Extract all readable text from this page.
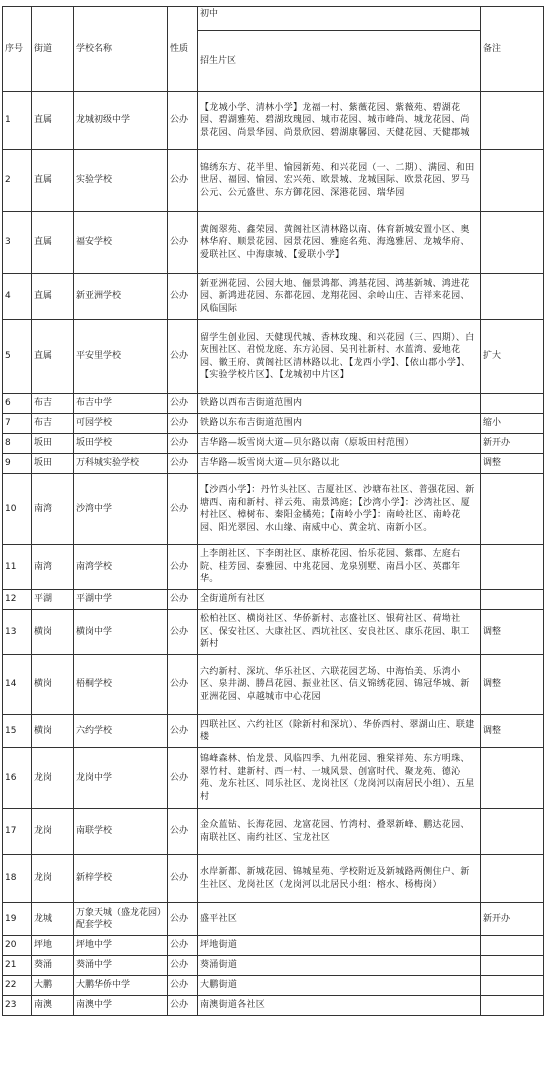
序号	街道	学校名称	性质	初中	备注
				招生片区	
1	直属	龙城初级中学	公办	【龙城小学、清林小学】龙福一村、紫薇花园、紫薇苑、碧湖花园、碧湖雅苑、碧湖玫瑰园、城市花园、城市峰尚、城龙花园、尚景花园、尚景华园、尚景欣园、碧湖康馨园、天健花园、天健郡城	
2	直属	实验学校	公办	锦绣东方、花半里、愉园新苑、和兴花园（一、二期）、满园、和田世居、福园、愉园、宏兴苑、欧景城、龙城国际、欧景花园、罗马公元、公元盛世、东方御花园、深港花园、瑞华园	
3	直属	福安学校	公办	黄阁翠苑、鑫荣园、黄阁社区清林路以南、体育新城安置小区、奥林华府、顺景花园、园景花园、雅庭名苑、海逸雅居、龙城华府、爱联社区、中海康城、【爱联小学】	
4	直属	新亚洲学校	公办	新亚洲花园、公园大地、俪景鸿都、鸿基花园、鸿基新城、鸿进花园、新鸿进花园、东都花园、龙翔花园、余岭山庄、吉祥来花园、风临国际	
5	直属	平安里学校	公办	留学生创业园、天健现代城、香林玫瑰、和兴花园（三、四期）、白灰围社区、君悦龙庭、东方沁园、吴刊社新村、水蓝湾、爱地花园、徽王府、黄阁社区清林路以北、【龙西小学】、【依山郡小学】、【实验学校片区】、【龙城初中片区】	扩大
6	布吉	布吉中学	公办	铁路以西布吉街道范围内	
7	布吉	可园学校	公办	铁路以东布吉街道范围内	缩小
8	坂田	坂田学校	公办	吉华路—坂雪岗大道—贝尔路以南（原坂田村范围）	新开办
9	坂田	万科城实验学校	公办	吉华路—坂雪岗大道—贝尔路以北	调整
10	南湾	沙湾中学	公办	【沙西小学】：丹竹头社区、吉厦社区、沙塘布社区、普强花园、新塘西、南和新村、祥云苑、南景鸿庭；【沙湾小学】：沙湾社区、厦村社区、樟树布、秦阳金橘苑；【南岭小学】：南岭社区、南岭花园、阳光翠园、水山缘、南威中心、黄金坑、南新小区。	
11	南湾	南湾学校	公办	上李朗社区、下李朗社区、康桥花园、怡乐花园、紫郡、左庭右院、桂芳园、泰雅园、中兆花园、龙泉别墅、南昌小区、英郡年华。	
12	平湖	平湖中学	公办	全街道所有社区	
13	横岗	横岗中学	公办	松柏社区、横岗社区、华侨新村、志盛社区、银荷社区、荷坳社区、保安社区、大康社区、西坑社区、安良社区、康乐花园、职工新村	调整
14	横岗	梧桐学校	公办	六约新村、深坑、华乐社区、六联花园艺场、中海怡美、乐湾小区、泉井湖、勝昌花园、振业社区、信义锦绣花园、锦冠华城、新亚洲花园、卓越城市中心花园	调整
15	横岗	六约学校	公办	四联社区、六约社区（除新村和深坑）、华侨西村、翠湖山庄、联建楼	调整
16	龙岗	龙岗中学	公办	锦峰森林、怡龙景、风临四季、九州花园、雅棠祥苑、东方明珠、翠竹村、建新村、西一村、一城风景、创富时代、聚龙苑、德沁苑、龙东社区、同乐社区、龙岗社区（龙岗河以南居民小组）、五星村	
17	龙岗	南联学校	公办	金众蓝钻、长海花园、龙富花园、竹湾村、叠翠新峰、鹏达花园、南联社区、南约社区、宝龙社区	
18	龙岗	新梓学校	公办	水岸新都、新城花园、锦城星苑、学校附近及新城路两侧住户、新生社区、龙岗社区（龙岗河以北居民小组：榕水、杨梅岗）	
19	龙城	万象天城（盛龙花园）配套学校	公办	盛平社区	新开办
20	坪地	坪地中学	公办	坪地街道	
21	葵涌	葵涌中学	公办	葵涌街道	
22	大鹏	大鹏华侨中学	公办	大鹏街道	
23	南澳	南澳中学	公办	南澳街道各社区	
